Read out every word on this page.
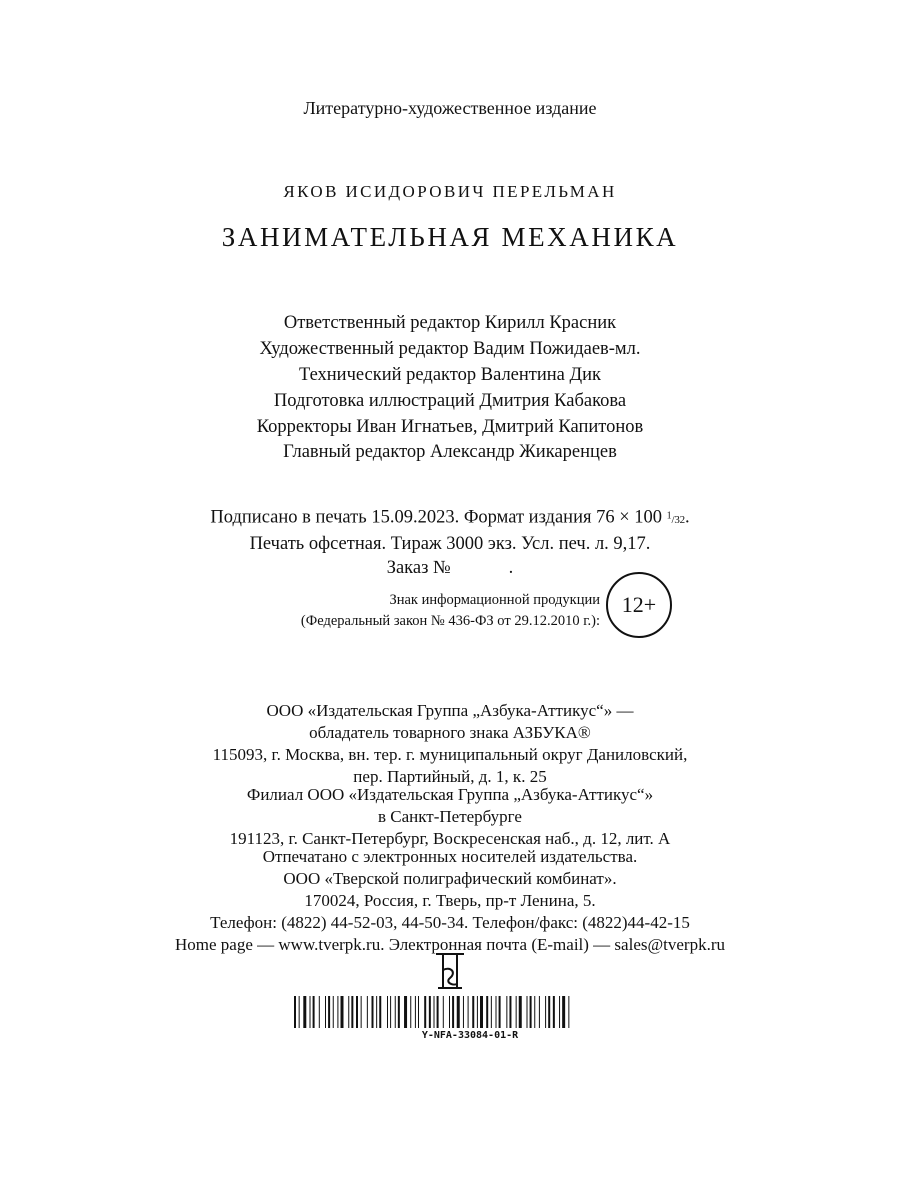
Литературно-художественное издание
ЯКОВ ИСИДОРОВИЧ ПЕРЕЛЬМАН
ЗАНИМАТЕЛЬНАЯ МЕХАНИКА
Ответственный редактор Кирилл Красник
Художественный редактор Вадим Пожидаев-мл.
Технический редактор Валентина Дик
Подготовка иллюстраций Дмитрия Кабакова
Корректоры Иван Игнатьев, Дмитрий Капитонов
Главный редактор Александр Жикаренцев
Подписано в печать 15.09.2023. Формат издания 76 × 100 $^1$/32.
Печать офсетная. Тираж 3000 экз. Усл. печ. л. 9,17.
Заказ №	.
Знак информационной продукции
(Федеральный закон № 436-ФЗ от 29.12.2010 г.):
12+
ООО «Издательская Группа „Азбука-Аттикус“» —
обладатель товарного знака АЗБУКА®
115093, г. Москва, вн. тер. г. муниципальный округ Даниловский,
пер. Партийный, д. 1, к. 25
Филиал ООО «Издательская Группа „Азбука-Аттикус“»
в Санкт-Петербурге
191123, г. Санкт-Петербург, Воскресенская наб., д. 12, лит. А
Отпечатано с электронных носителей издательства.
ООО «Тверской полиграфический комбинат».
170024, Россия, г. Тверь, пр-т Ленина, 5.
Телефон: (4822) 44-52-03, 44-50-34. Телефон/факс: (4822)44-42-15
Home page — www.tverpk.ru. Электронная почта (E-mail) — sales@tverpk.ru
Y-NFA-33084-01-R
